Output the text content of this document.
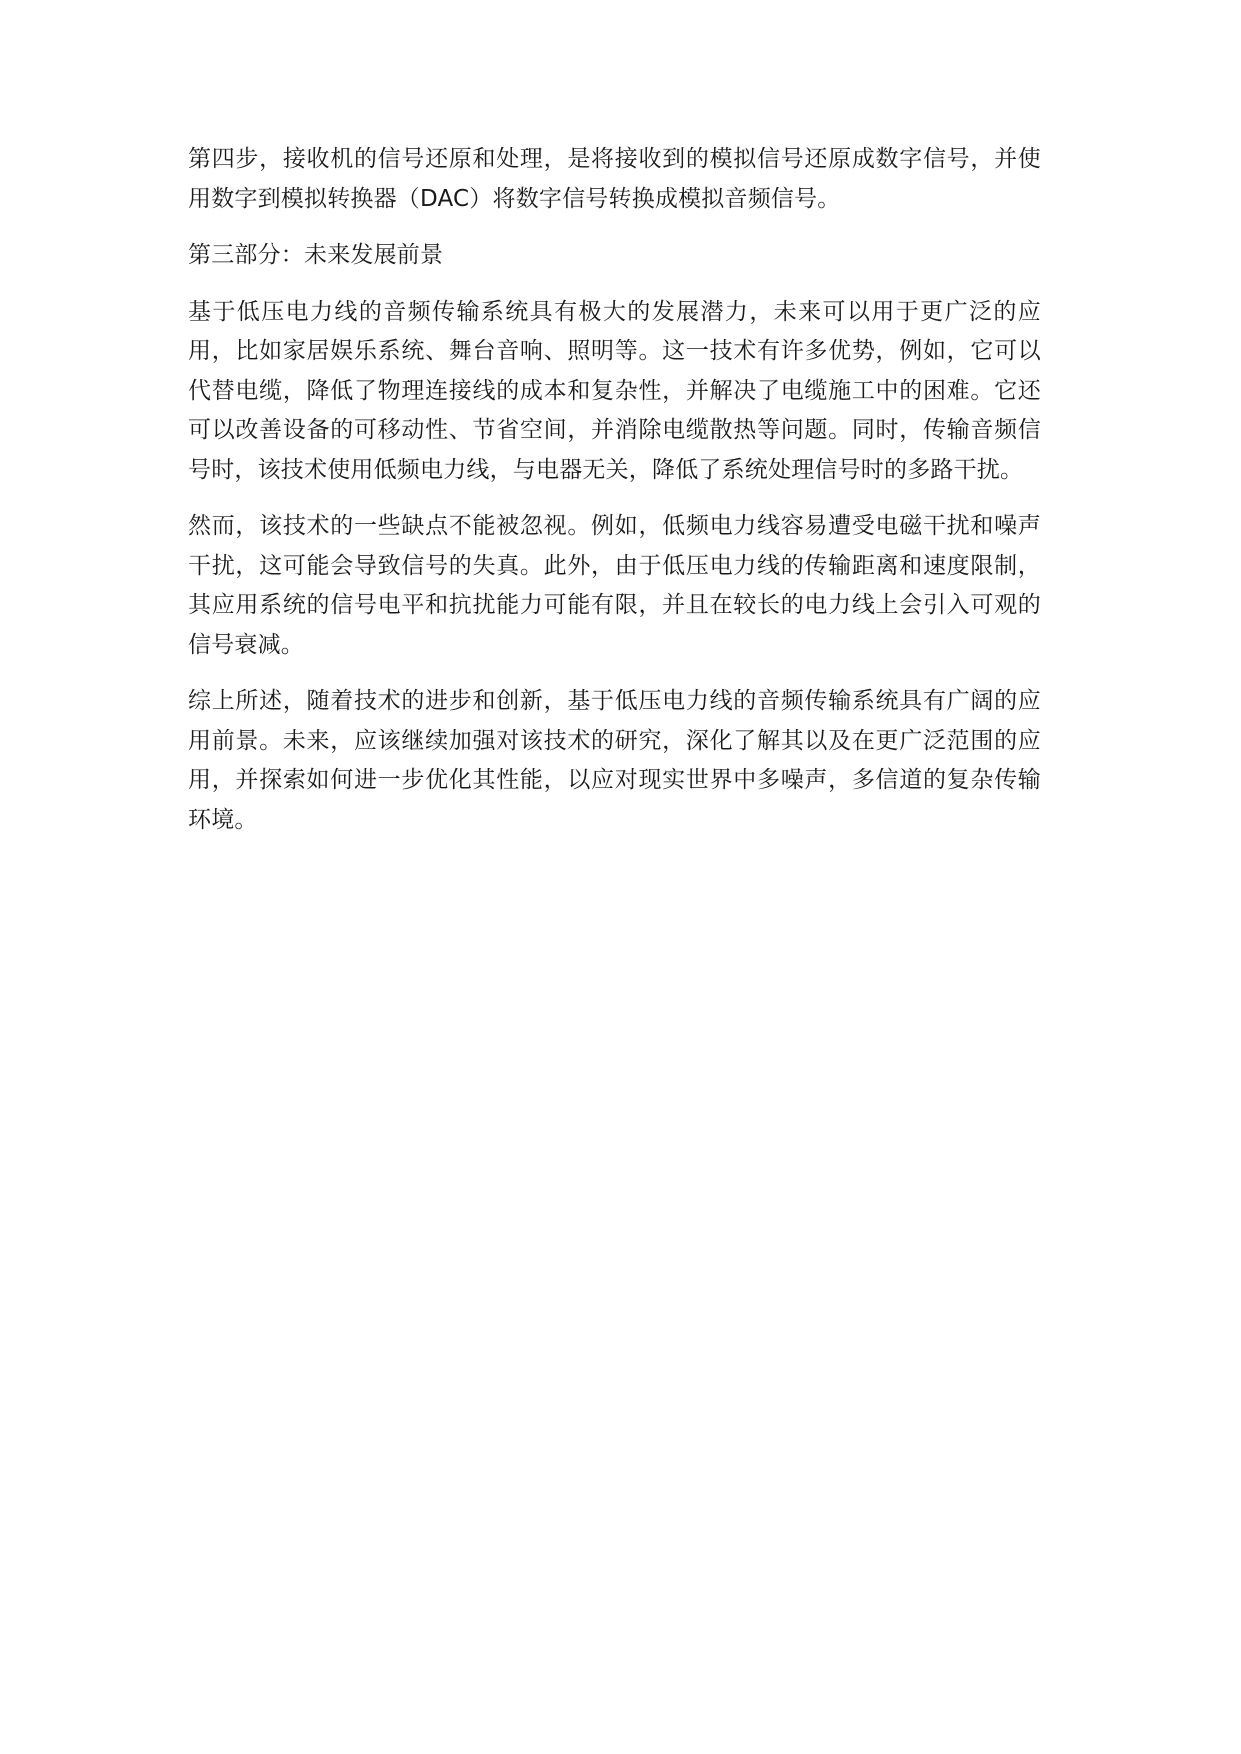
第四步，接收机的信号还原和处理，是将接收到的模拟信号还原成数字信号，并使用数字到模拟转换器（DAC）将数字信号转换成模拟音频信号。

第三部分：未来发展前景

基于低压电力线的音频传输系统具有极大的发展潜力，未来可以用于更广泛的应用，比如家居娱乐系统、舞台音响、照明等。这一技术有许多优势，例如，它可以代替电缆，降低了物理连接线的成本和复杂性，并解决了电缆施工中的困难。它还可以改善设备的可移动性、节省空间，并消除电缆散热等问题。同时，传输音频信号时，该技术使用低频电力线，与电器无关，降低了系统处理信号时的多路干扰。

然而，该技术的一些缺点不能被忽视。例如，低频电力线容易遭受电磁干扰和噪声干扰，这可能会导致信号的失真。此外，由于低压电力线的传输距离和速度限制，其应用系统的信号电平和抗扰能力可能有限，并且在较长的电力线上会引入可观的信号衰减。

综上所述，随着技术的进步和创新，基于低压电力线的音频传输系统具有广阔的应用前景。未来，应该继续加强对该技术的研究，深化了解其以及在更广泛范围的应用，并探索如何进一步优化其性能，以应对现实世界中多噪声，多信道的复杂传输环境。
